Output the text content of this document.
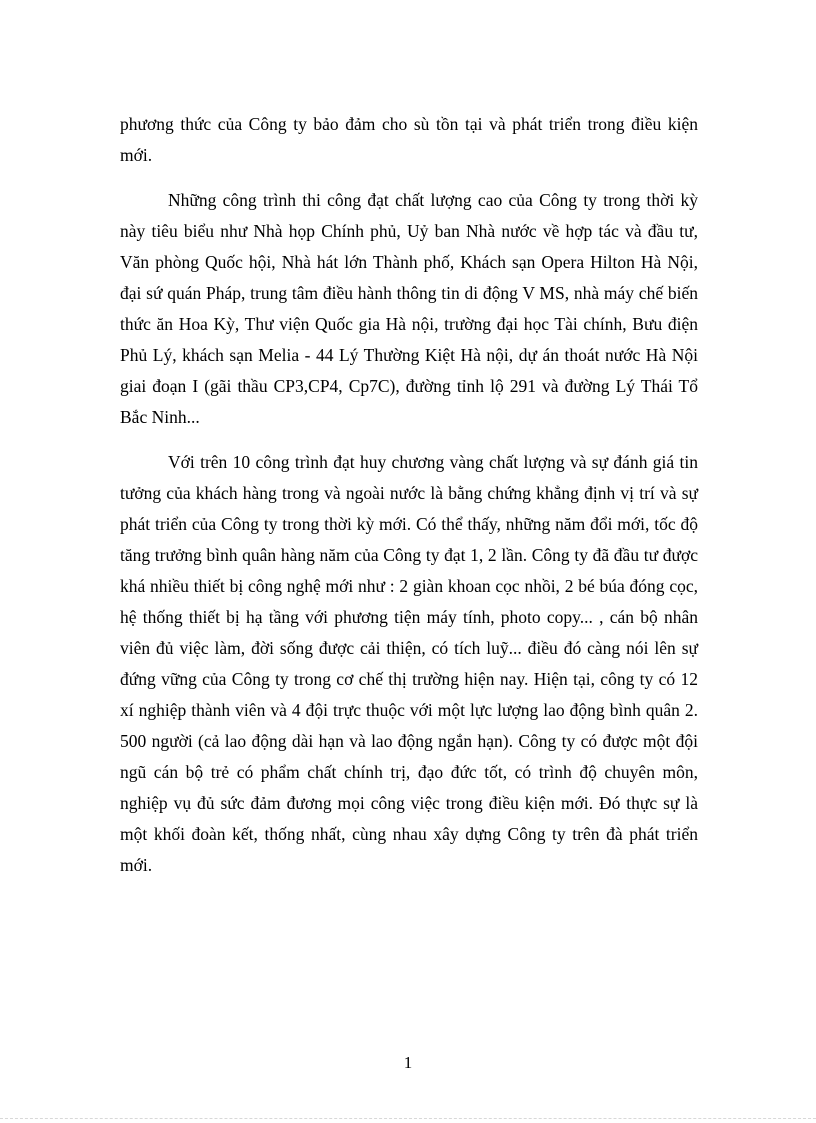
phương thức của Công ty bảo đảm cho sù tồn tại và phát triển trong điều kiện mới.

Những công trình thi công đạt chất lượng cao của Công ty trong thời kỳ này tiêu biểu như Nhà họp Chính phủ, Uỷ ban Nhà nước về hợp tác và đầu tư, Văn phòng Quốc hội, Nhà hát lớn Thành phố, Khách sạn Opera Hilton Hà Nội, đại sứ quán Pháp, trung tâm điều hành thông tin di động V MS, nhà máy chế biến thức ăn Hoa Kỳ, Thư viện Quốc gia Hà nội, trường đại học Tài chính, Bưu điện Phủ Lý, khách sạn Melia - 44 Lý Thường Kiệt Hà nội, dự án thoát nước Hà Nội giai đoạn I (gãi thầu CP3,CP4, Cp7C), đường tỉnh lộ 291 và đường Lý Thái Tổ Bắc Ninh...

Với trên 10 công trình đạt huy chương vàng chất lượng và sự đánh giá tin tưởng của khách hàng trong và ngoài nước là bằng chứng khẳng định vị trí và sự phát triển của Công ty trong thời kỳ mới. Có thể thấy, những năm đổi mới, tốc độ tăng trưởng bình quân hàng năm của Công ty đạt 1, 2 lần. Công ty đã đầu tư được khá nhiều thiết bị công nghệ mới như : 2 giàn khoan cọc nhồi, 2 bé búa đóng cọc, hệ thống thiết bị hạ tầng với phương tiện máy tính, photo copy... , cán bộ nhân viên đủ việc làm, đời sống được cải thiện, có tích luỹ... điều đó càng nói lên sự đứng vững của Công ty trong cơ chế thị trường hiện nay. Hiện tại, công ty có 12 xí nghiệp thành viên và 4 đội trực thuộc với một lực lượng lao động bình quân 2. 500 người (cả lao động dài hạn và lao động ngắn hạn). Công ty có được một đội ngũ cán bộ trẻ có phẩm chất chính trị, đạo đức tốt, có trình độ chuyên môn, nghiệp vụ đủ sức đảm đương mọi công việc trong điều kiện mới. Đó thực sự là một khối đoàn kết, thống nhất, cùng nhau xây dựng Công ty trên đà phát triển mới.

1
